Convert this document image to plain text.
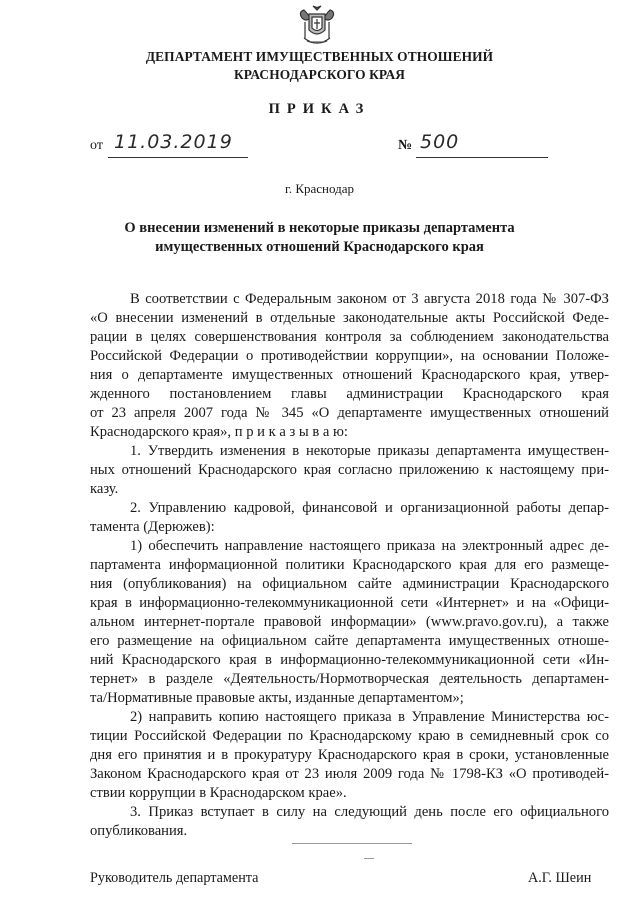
ДЕПАРТАМЕНТ ИМУЩЕСТВЕННЫХ ОТНОШЕНИЙ
КРАСНОДАРСКОГО КРАЯ
ПРИКАЗ
от 11.03.2019	№ 500
г. Краснодар
О внесении изменений в некоторые приказы департамента
имущественных отношений Краснодарского края
В соответствии с Федеральным законом от 3 августа 2018 года № 307-ФЗ
«О внесении изменений в отдельные законодательные акты Российской Феде-
рации в целях совершенствования контроля за соблюдением законодательства
Российской Федерации о противодействии коррупции», на основании Положе-
ния о департаменте имущественных отношений Краснодарского края, утвер-
жденного постановлением главы администрации Краснодарского края
от 23 апреля 2007 года № 345 «О департаменте имущественных отношений
Краснодарского края», п р и к а з ы в а ю:
1. Утвердить изменения в некоторые приказы департамента имуществен-
ных отношений Краснодарского края согласно приложению к настоящему при-
казу.
2. Управлению кадровой, финансовой и организационной работы депар-
тамента (Дерюжев):
1) обеспечить направление настоящего приказа на электронный адрес де-
партамента информационной политики Краснодарского края для его размеще-
ния (опубликования) на официальном сайте администрации Краснодарского
края в информационно-телекоммуникационной сети «Интернет» и на «Офици-
альном интернет-портале правовой информации» (www.pravo.gov.ru), а также
его размещение на официальном сайте департамента имущественных отноше-
ний Краснодарского края в информационно-телекоммуникационной сети «Ин-
тернет» в разделе «Деятельность/Нормотворческая деятельность департамен-
та/Нормативные правовые акты, изданные департаментом»;
2) направить копию настоящего приказа в Управление Министерства юс-
тиции Российской Федерации по Краснодарскому краю в семидневный срок со
дня его принятия и в прокуратуру Краснодарского края в сроки, установленные
Законом Краснодарского края от 23 июля 2009 года № 1798-КЗ «О противодей-
ствии коррупции в Краснодарском крае».
3. Приказ вступает в силу на следующий день после его официального
опубликования.
Руководитель департамента	А.Г. Шеин
